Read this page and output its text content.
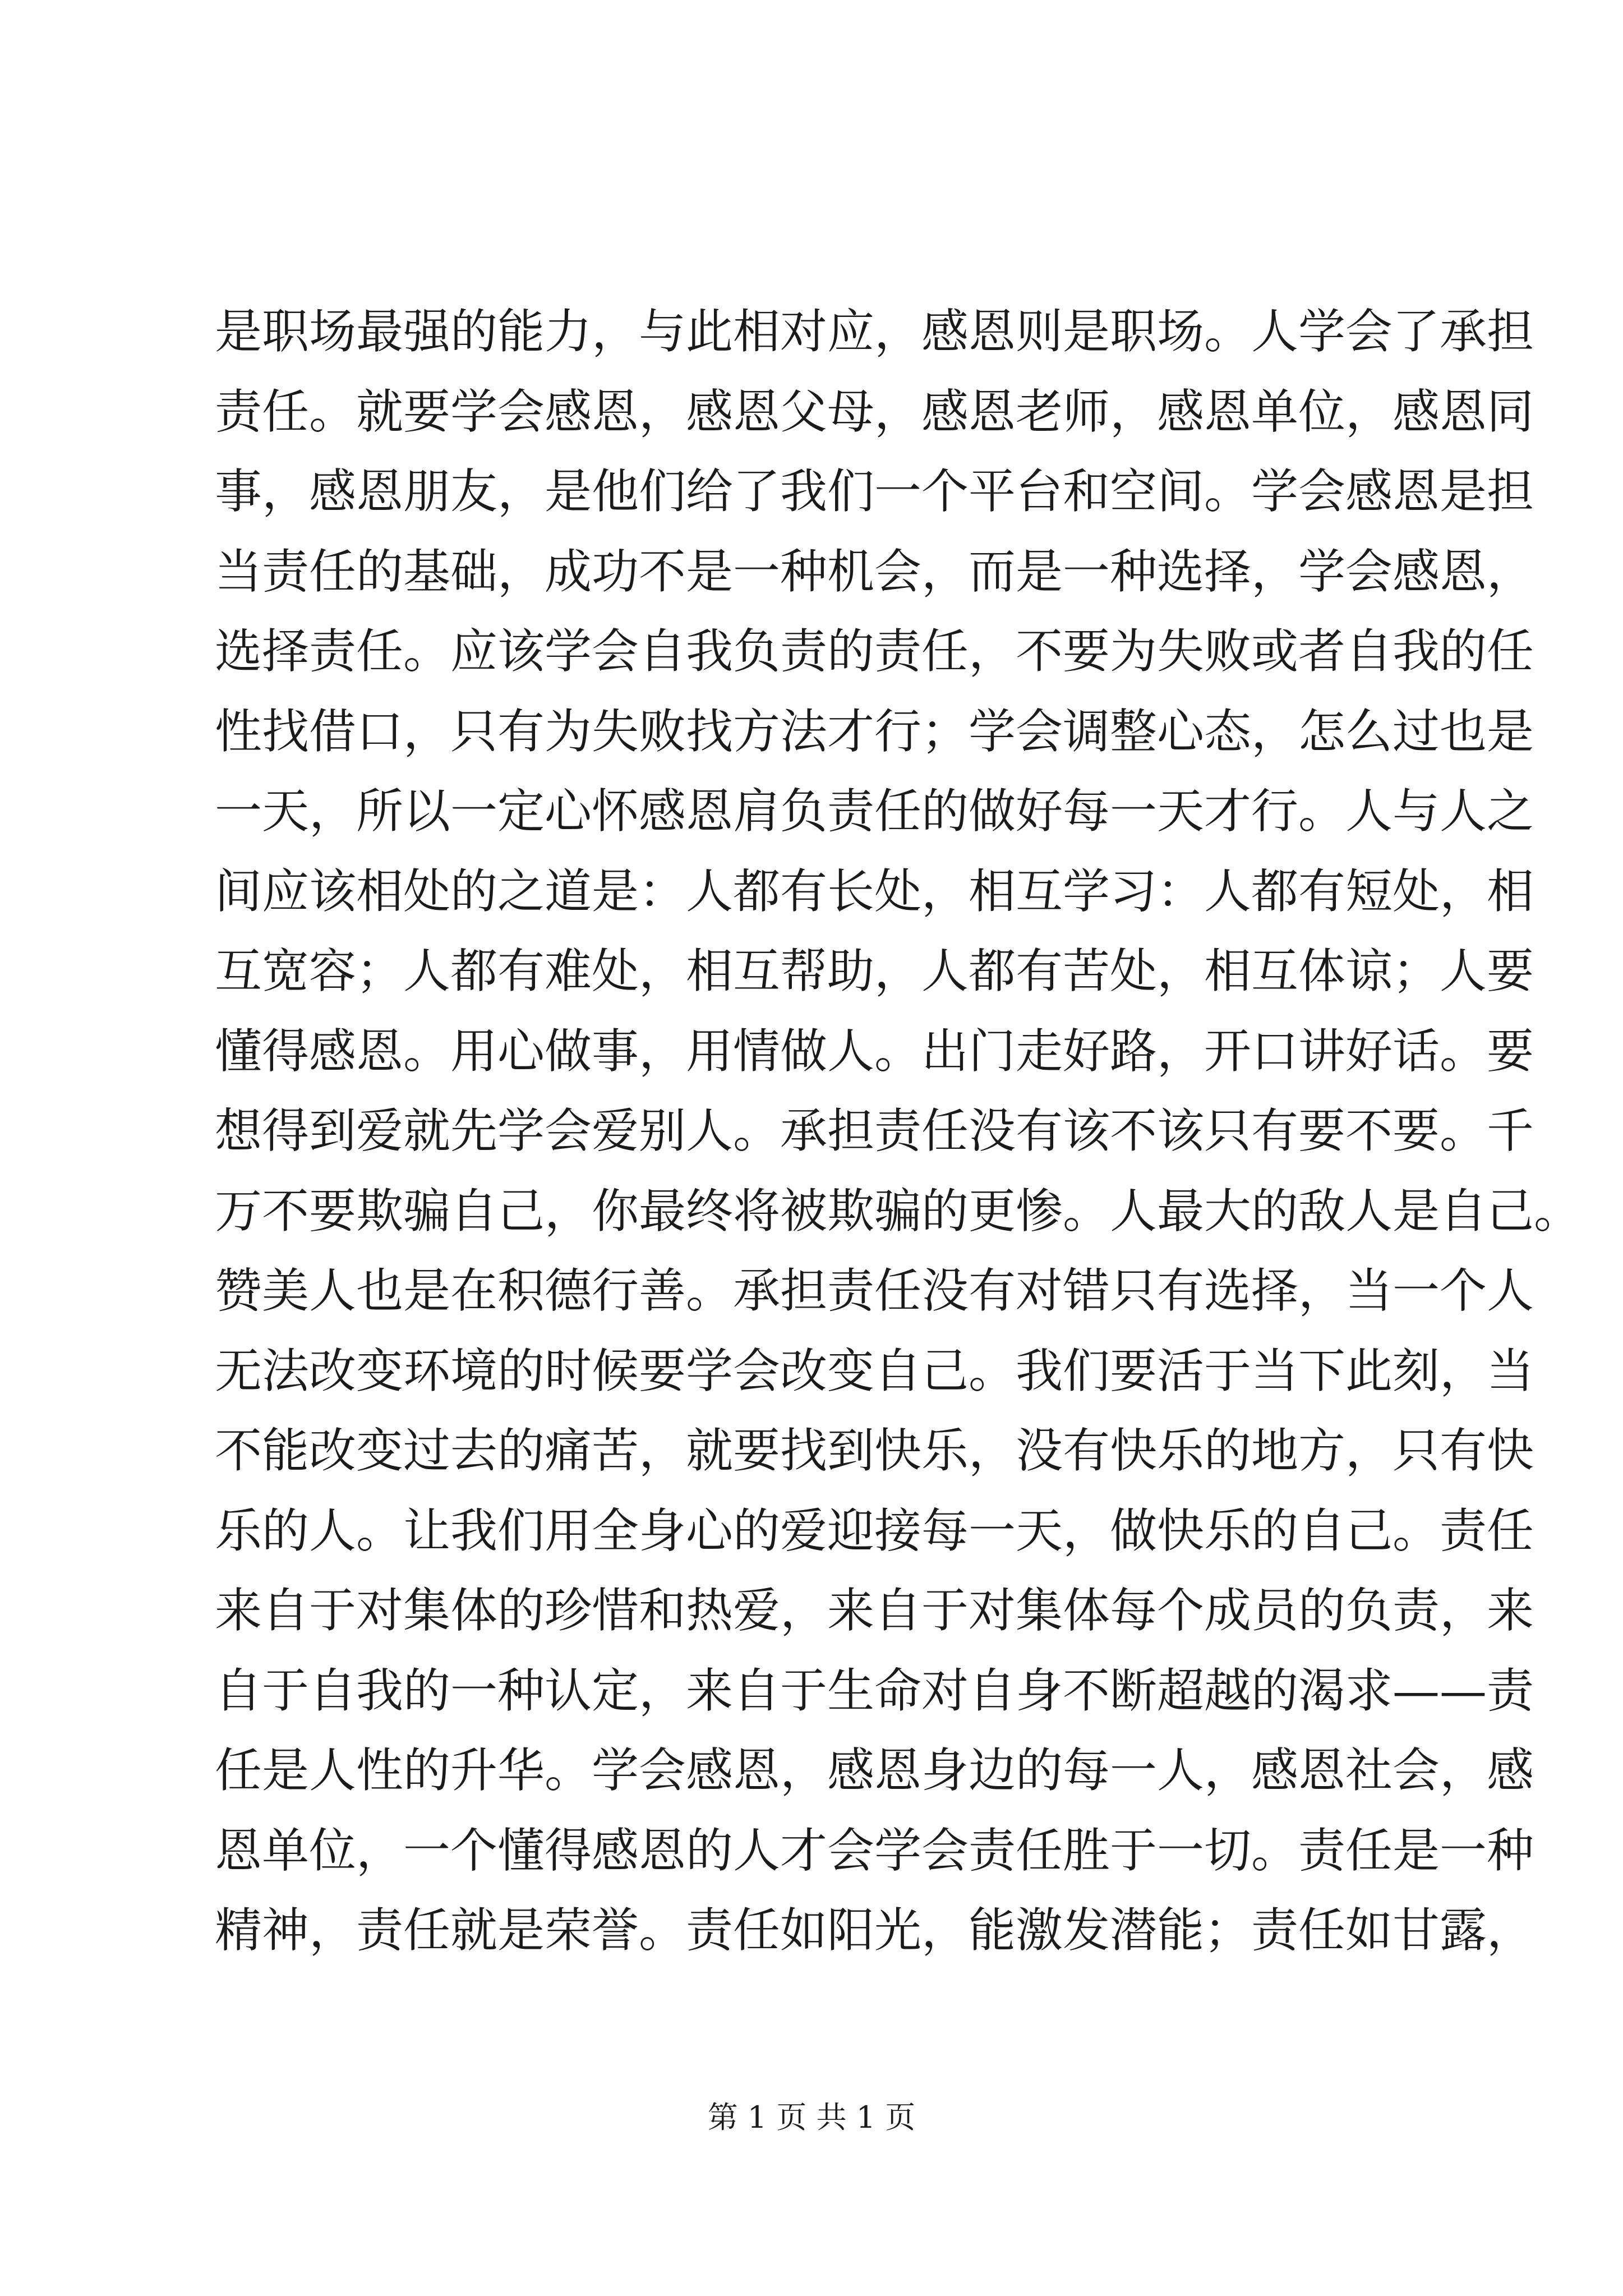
是职场最强的能力，与此相对应，感恩则是职场。人学会了承担
责任。就要学会感恩，感恩父母，感恩老师，感恩单位，感恩同
事，感恩朋友，是他们给了我们一个平台和空间。学会感恩是担
当责任的基础，成功不是一种机会，而是一种选择，学会感恩，
选择责任。应该学会自我负责的责任，不要为失败或者自我的任
性找借口，只有为失败找方法才行；学会调整心态，怎么过也是
一天，所以一定心怀感恩肩负责任的做好每一天才行。人与人之
间应该相处的之道是：人都有长处，相互学习：人都有短处，相
互宽容；人都有难处，相互帮助，人都有苦处，相互体谅；人要
懂得感恩。用心做事，用情做人。出门走好路，开口讲好话。要
想得到爱就先学会爱别人。承担责任没有该不该只有要不要。千
万不要欺骗自己，你最终将被欺骗的更惨。人最大的敌人是自己。
赞美人也是在积德行善。承担责任没有对错只有选择，当一个人
无法改变环境的时候要学会改变自己。我们要活于当下此刻，当
不能改变过去的痛苦，就要找到快乐，没有快乐的地方，只有快
乐的人。让我们用全身心的爱迎接每一天，做快乐的自己。责任
来自于对集体的珍惜和热爱，来自于对集体每个成员的负责，来
自于自我的一种认定，来自于生命对自身不断超越的渴求——责
任是人性的升华。学会感恩，感恩身边的每一人，感恩社会，感
恩单位，一个懂得感恩的人才会学会责任胜于一切。责任是一种
精神，责任就是荣誉。责任如阳光，能激发潜能；责任如甘露，
第 1 页 共 1 页
